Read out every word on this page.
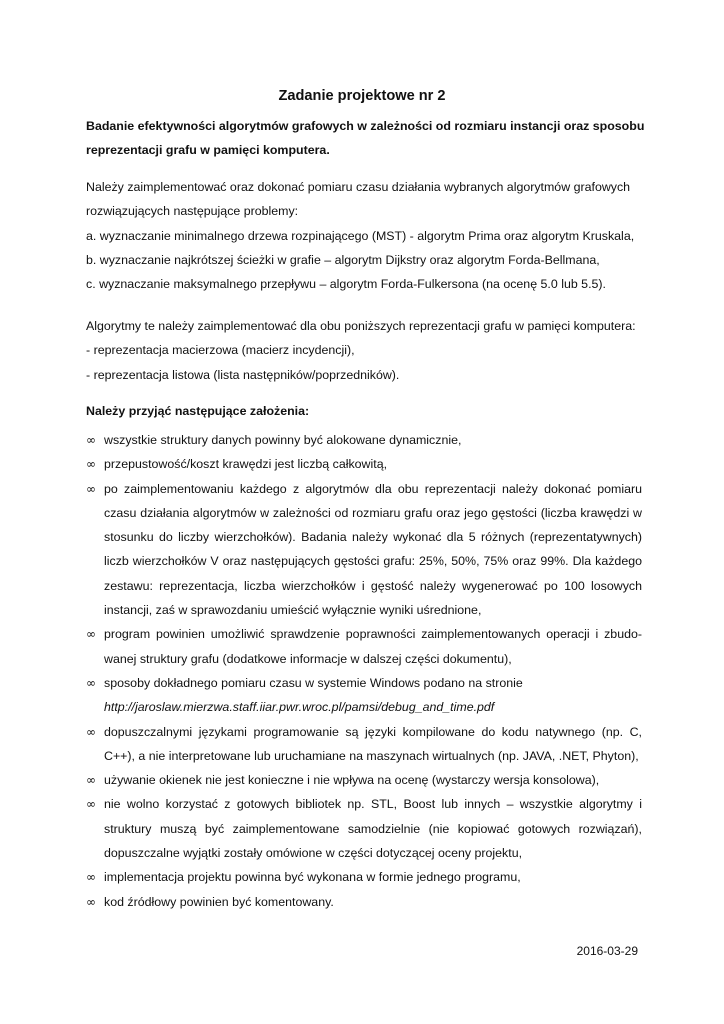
Zadanie projektowe nr 2
Badanie efektywności algorytmów grafowych w zależności od rozmiaru instancji oraz sposobu reprezentacji grafu w pamięci komputera.
Należy zaimplementować oraz dokonać pomiaru czasu działania wybranych algorytmów grafowych rozwiązujących następujące problemy:
a. wyznaczanie minimalnego drzewa rozpinającego (MST) - algorytm Prima oraz algorytm Kruskala,
b. wyznaczanie najkrótszej ścieżki w grafie – algorytm Dijkstry oraz algorytm Forda-Bellmana,
c. wyznaczanie maksymalnego przepływu – algorytm Forda-Fulkersona (na ocenę 5.0 lub 5.5).
Algorytmy te należy zaimplementować dla obu poniższych reprezentacji grafu w pamięci komputera:
- reprezentacja macierzowa (macierz incydencji),
- reprezentacja listowa (lista następników/poprzedników).
Należy przyjąć następujące założenia:
∞ wszystkie struktury danych powinny być alokowane dynamicznie,
∞ przepustowość/koszt krawędzi jest liczbą całkowitą,
∞ po zaimplementowaniu każdego z algorytmów dla obu reprezentacji należy dokonać pomiaru czasu działania algorytmów w zależności od rozmiaru grafu oraz jego gęstości (liczba krawędzi w stosunku do liczby wierzchołków). Badania należy wykonać dla 5 różnych (reprezentatywnych) liczb wierzchołków V oraz następujących gęstości grafu: 25%, 50%, 75% oraz 99%. Dla każdego zestawu: reprezentacja, liczba wierzchołków i gęstość należy wygenerować po 100 losowych instancji, zaś w sprawozdaniu umieścić wyłącznie wyniki uśrednione,
∞ program powinien umożliwić sprawdzenie poprawności zaimplementowanych operacji i zbudo-wanej struktury grafu (dodatkowe informacje w dalszej części dokumentu),
∞ sposoby dokładnego pomiaru czasu w systemie Windows podano na stronie
http://jaroslaw.mierzwa.staff.iiar.pwr.wroc.pl/pamsi/debug_and_time.pdf
∞ dopuszczalnymi językami programowanie są języki kompilowane do kodu natywnego (np. C, C++), a nie interpretowane lub uruchamiane na maszynach wirtualnych (np. JAVA, .NET, Phyton),
∞ używanie okienek nie jest konieczne i nie wpływa na ocenę (wystarczy wersja konsolowa),
∞ nie wolno korzystać z gotowych bibliotek np. STL, Boost lub innych – wszystkie algorytmy i struktury muszą być zaimplementowane samodzielnie (nie kopiować gotowych rozwiązań), dopuszczalne wyjątki zostały omówione w części dotyczącej oceny projektu,
∞ implementacja projektu powinna być wykonana w formie jednego programu,
∞ kod źródłowy powinien być komentowany.
2016-03-29
